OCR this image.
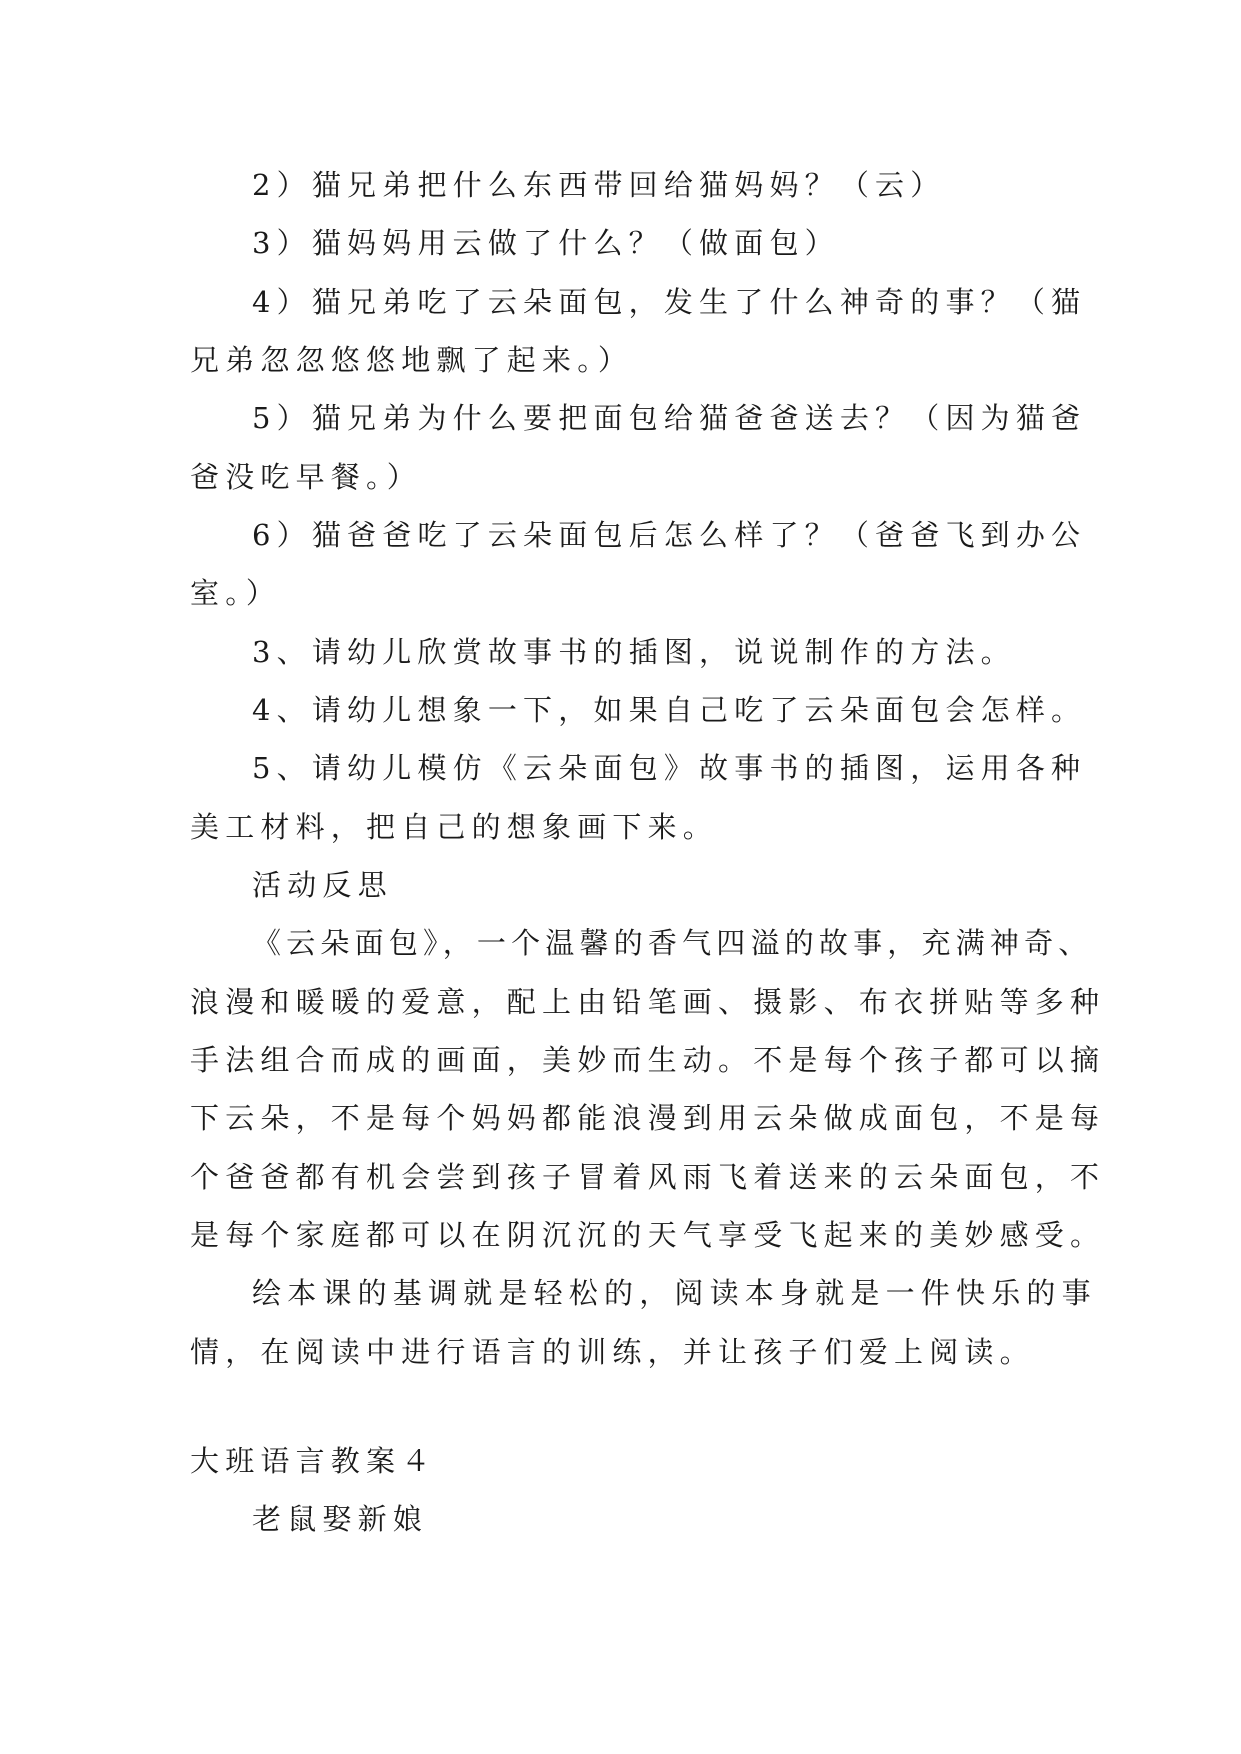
2）猫兄弟把什么东西带回给猫妈妈？（云）
3）猫妈妈用云做了什么？（做面包）
4）猫兄弟吃了云朵面包，发生了什么神奇的事？（猫
兄弟忽忽悠悠地飘了起来。）
5）猫兄弟为什么要把面包给猫爸爸送去？（因为猫爸
爸没吃早餐。）
6）猫爸爸吃了云朵面包后怎么样了？（爸爸飞到办公
室。）
3、请幼儿欣赏故事书的插图，说说制作的方法。
4、请幼儿想象一下，如果自己吃了云朵面包会怎样。
5、请幼儿模仿《云朵面包》故事书的插图，运用各种
美工材料，把自己的想象画下来。
活动反思
《云朵面包》，一个温馨的香气四溢的故事，充满神奇、
浪漫和暖暖的爱意，配上由铅笔画、摄影、布衣拼贴等多种
手法组合而成的画面，美妙而生动。不是每个孩子都可以摘
下云朵，不是每个妈妈都能浪漫到用云朵做成面包，不是每
个爸爸都有机会尝到孩子冒着风雨飞着送来的云朵面包，不
是每个家庭都可以在阴沉沉的天气享受飞起来的美妙感受。
绘本课的基调就是轻松的，阅读本身就是一件快乐的事
情，在阅读中进行语言的训练，并让孩子们爱上阅读。
大班语言教案４
老鼠娶新娘
